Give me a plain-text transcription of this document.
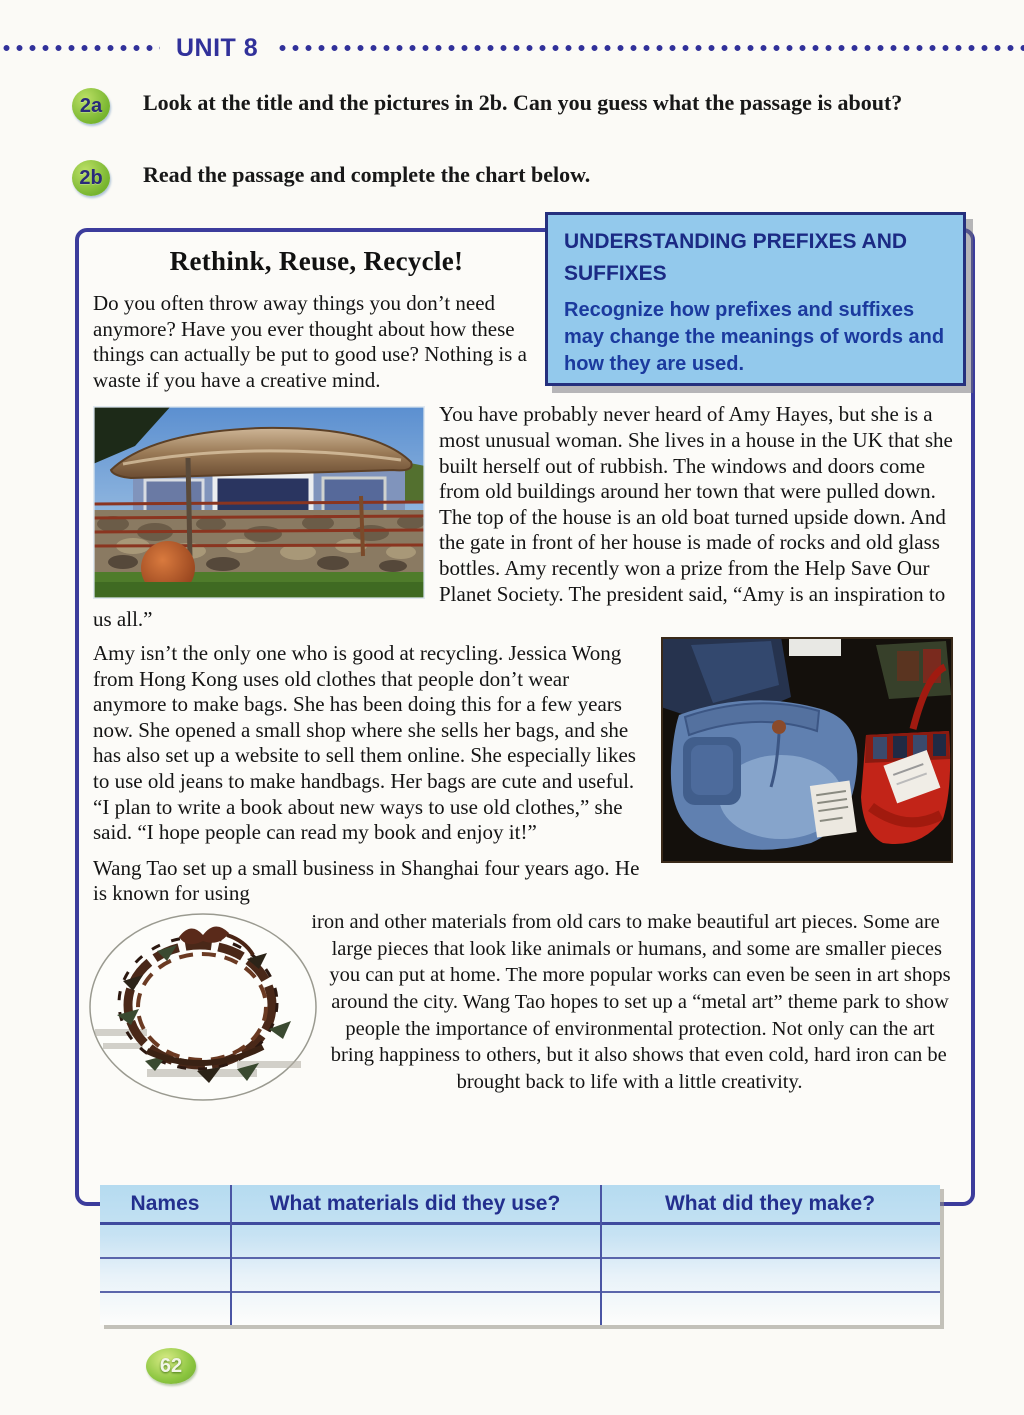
UNIT 8
2a	Look at the title and the pictures in 2b. Can you guess what the passage is about?
2b	Read the passage and complete the chart below.
UNDERSTANDING PREFIXES AND SUFFIXES
Recognize how prefixes and suffixes may change the meanings of words and how they are used.
Rethink, Reuse, Recycle!
Do you often throw away things you don’t need anymore? Have you ever thought about how these things can actually be put to good use? Nothing is a waste if you have a creative mind.
You have probably never heard of Amy Hayes, but she is a most unusual woman. She lives in a house in the UK that she built herself out of rubbish. The windows and doors come from old buildings around her town that were pulled down. The top of the house is an old boat turned upside down. And the gate in front of her house is made of rocks and old glass bottles. Amy recently won a prize from the Help Save Our Planet Society. The president said, “Amy is an inspiration to us all.”
Amy isn’t the only one who is good at recycling. Jessica Wong from Hong Kong uses old clothes that people don’t wear anymore to make bags. She has been doing this for a few years now. She opened a small shop where she sells her bags, and she has also set up a website to sell them online. She especially likes to use old jeans to make handbags. Her bags are cute and useful. “I plan to write a book about new ways to use old clothes,” she said. “I hope people can read my book and enjoy it!”
Wang Tao set up a small business in Shanghai four years ago. He is known for using
iron and other materials from old cars to make beautiful art pieces. Some are large pieces that look like animals or humans, and some are smaller pieces you can put at home. The more popular works can even be seen in art shops around the city. Wang Tao hopes to set up a “metal art” theme park to show people the importance of environmental protection. Not only can the art bring happiness to others, but it also shows that even cold, hard iron can be brought back to life with a little creativity.
Names	What materials did they use?	What did they make?
62
